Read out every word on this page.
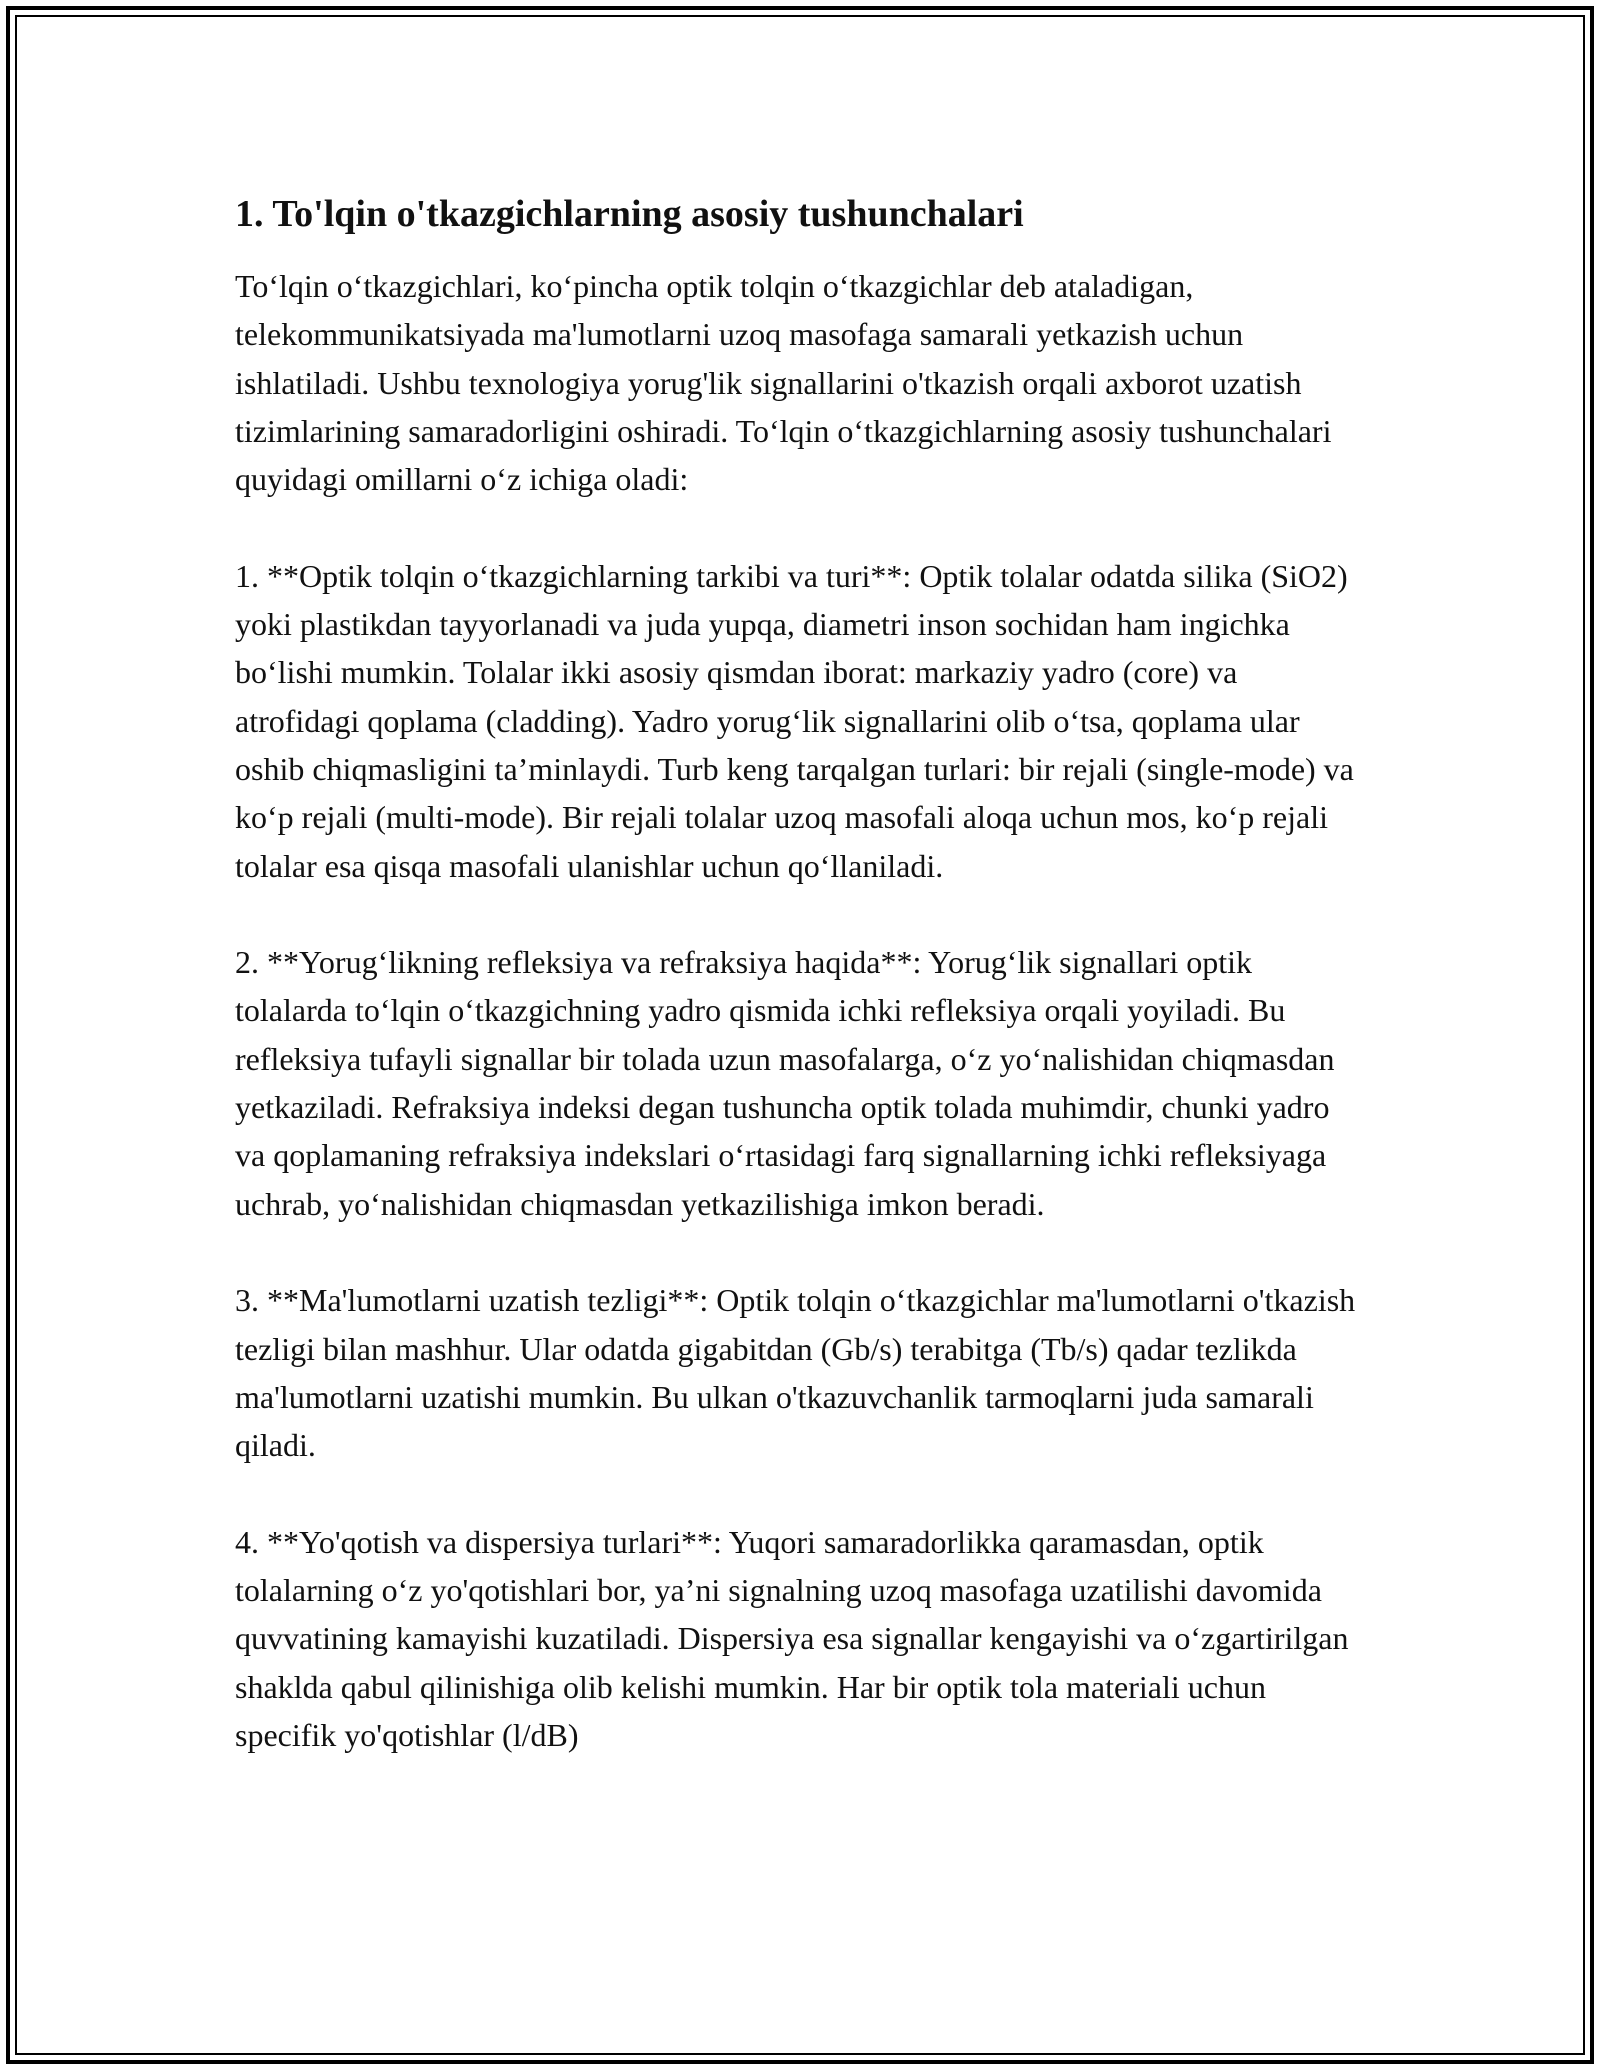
1. To'lqin o'tkazgichlarning asosiy tushunchalari

To‘lqin o‘tkazgichlari, ko‘pincha optik tolqin o‘tkazgichlar deb ataladigan, telekommunikatsiyada ma'lumotlarni uzoq masofaga samarali yetkazish uchun ishlatiladi. Ushbu texnologiya yorug'lik signallarini o'tkazish orqali axborot uzatish tizimlarining samaradorligini oshiradi. To‘lqin o‘tkazgichlarning asosiy tushunchalari quyidagi omillarni o‘z ichiga oladi:

1. **Optik tolqin o‘tkazgichlarning tarkibi va turi**: Optik tolalar odatda silika (SiO2) yoki plastikdan tayyorlanadi va juda yupqa, diametri inson sochidan ham ingichka bo‘lishi mumkin. Tolalar ikki asosiy qismdan iborat: markaziy yadro (core) va atrofidagi qoplama (cladding). Yadro yorug‘lik signallarini olib o‘tsa, qoplama ular oshib chiqmasligini ta’minlaydi. Turb keng tarqalgan turlari: bir rejali (single-mode) va ko‘p rejali (multi-mode). Bir rejali tolalar uzoq masofali aloqa uchun mos, ko‘p rejali tolalar esa qisqa masofali ulanishlar uchun qo‘llaniladi.

2. **Yorug‘likning refleksiya va refraksiya haqida**: Yorug‘lik signallari optik tolalarda to‘lqin o‘tkazgichning yadro qismida ichki refleksiya orqali yoyiladi. Bu refleksiya tufayli signallar bir tolada uzun masofalarga, o‘z yo‘nalishidan chiqmasdan yetkaziladi. Refraksiya indeksi degan tushuncha optik tolada muhimdir, chunki yadro va qoplamaning refraksiya indekslari o‘rtasidagi farq signallarning ichki refleksiyaga uchrab, yo‘nalishidan chiqmasdan yetkazilishiga imkon beradi.

3. **Ma'lumotlarni uzatish tezligi**: Optik tolqin o‘tkazgichlar ma'lumotlarni o'tkazish tezligi bilan mashhur. Ular odatda gigabitdan (Gb/s) terabitga (Tb/s) qadar tezlikda ma'lumotlarni uzatishi mumkin. Bu ulkan o'tkazuvchanlik tarmoqlarni juda samarali qiladi.

4. **Yo'qotish va dispersiya turlari**: Yuqori samaradorlikka qaramasdan, optik tolalarning o‘z yo'qotishlari bor, ya’ni signalning uzoq masofaga uzatilishi davomida quvvatining kamayishi kuzatiladi. Dispersiya esa signallar kengayishi va o‘zgartirilgan shaklda qabul qilinishiga olib kelishi mumkin. Har bir optik tola materiali uchun specifik yo'qotishlar (l/dB)
